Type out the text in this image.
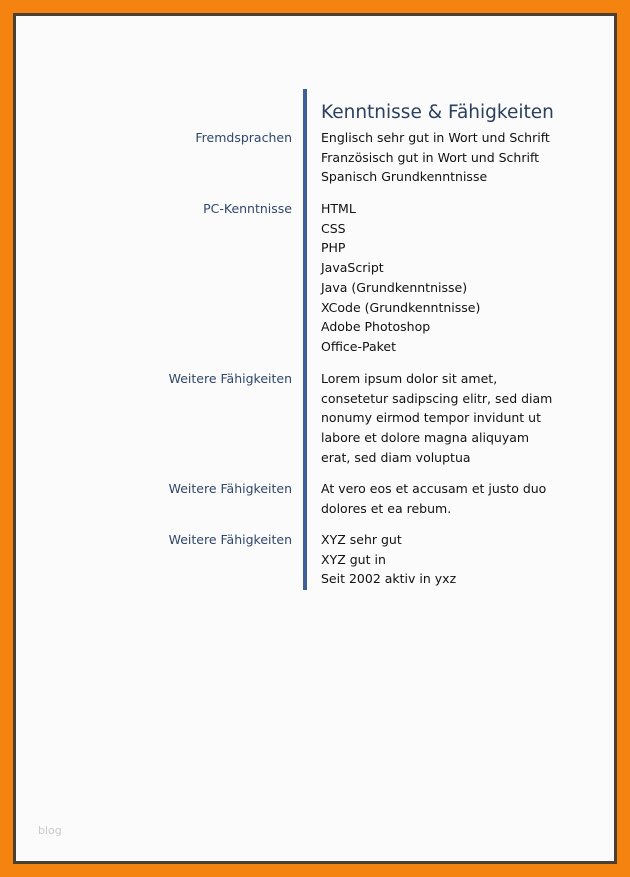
Kenntnisse & Fähigkeiten
Fremdsprachen Englisch sehr gut in Wort und Schrift
Französisch gut in Wort und Schrift
Spanisch Grundkenntnisse
PC-Kenntnisse HTML
CSS
PHP
JavaScript
Java (Grundkenntnisse)
XCode (Grundkenntnisse)
Adobe Photoshop
Office-Paket
Weitere Fähigkeiten Lorem ipsum dolor sit amet,
consetetur sadipscing elitr, sed diam
nonumy eirmod tempor invidunt ut
labore et dolore magna aliquyam
erat, sed diam voluptua
Weitere Fähigkeiten At vero eos et accusam et justo duo
dolores et ea rebum.
Weitere Fähigkeiten XYZ sehr gut
XYZ gut in
Seit 2002 aktiv in yxz
blog
